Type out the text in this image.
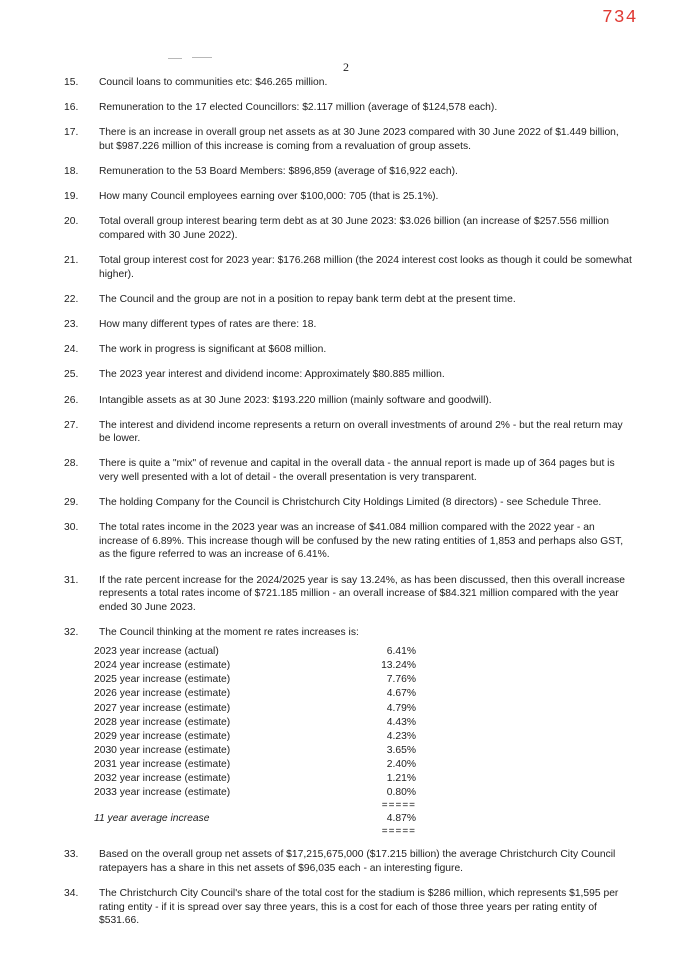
734
2
15. Council loans to communities etc: $46.265 million.
16. Remuneration to the 17 elected Councillors: $2.117 million (average of $124,578 each).
17. There is an increase in overall group net assets as at 30 June 2023 compared with 30 June 2022 of $1.449 billion, but $987.226 million of this increase is coming from a revaluation of group assets.
18. Remuneration to the 53 Board Members: $896,859 (average of $16,922 each).
19. How many Council employees earning over $100,000: 705 (that is 25.1%).
20. Total overall group interest bearing term debt as at 30 June 2023: $3.026 billion (an increase of $257.556 million compared with 30 June 2022).
21. Total group interest cost for 2023 year: $176.268 million (the 2024 interest cost looks as though it could be somewhat higher).
22. The Council and the group are not in a position to repay bank term debt at the present time.
23. How many different types of rates are there: 18.
24. The work in progress is significant at $608 million.
25. The 2023 year interest and dividend income: Approximately $80.885 million.
26. Intangible assets as at 30 June 2023: $193.220 million (mainly software and goodwill).
27. The interest and dividend income represents a return on overall investments of around 2% - but the real return may be lower.
28. There is quite a "mix" of revenue and capital in the overall data - the annual report is made up of 364 pages but is very well presented with a lot of detail - the overall presentation is very transparent.
29. The holding Company for the Council is Christchurch City Holdings Limited (8 directors) - see Schedule Three.
30. The total rates income in the 2023 year was an increase of $41.084 million compared with the 2022 year - an increase of 6.89%. This increase though will be confused by the new rating entities of 1,853 and perhaps also GST, as the figure referred to was an increase of 6.41%.
31. If the rate percent increase for the 2024/2025 year is say 13.24%, as has been discussed, then this overall increase represents a total rates income of $721.185 million - an overall increase of $84.321 million compared with the year ended 30 June 2023.
32. The Council thinking at the moment re rates increases is:
2023 year increase (actual)	6.41%
2024 year increase (estimate)	13.24%
2025 year increase (estimate)	7.76%
2026 year increase (estimate)	4.67%
2027 year increase (estimate)	4.79%
2028 year increase (estimate)	4.43%
2029 year increase (estimate)	4.23%
2030 year increase (estimate)	3.65%
2031 year increase (estimate)	2.40%
2032 year increase (estimate)	1.21%
2033 year increase (estimate)	0.80%
=====
11 year average increase	4.87%
=====
33. Based on the overall group net assets of $17,215,675,000 ($17.215 billion) the average Christchurch City Council ratepayers has a share in this net assets of $96,035 each - an interesting figure.
34. The Christchurch City Council's share of the total cost for the stadium is $286 million, which represents $1,595 per rating entity - if it is spread over say three years, this is a cost for each of those three years per rating entity of $531.66.
